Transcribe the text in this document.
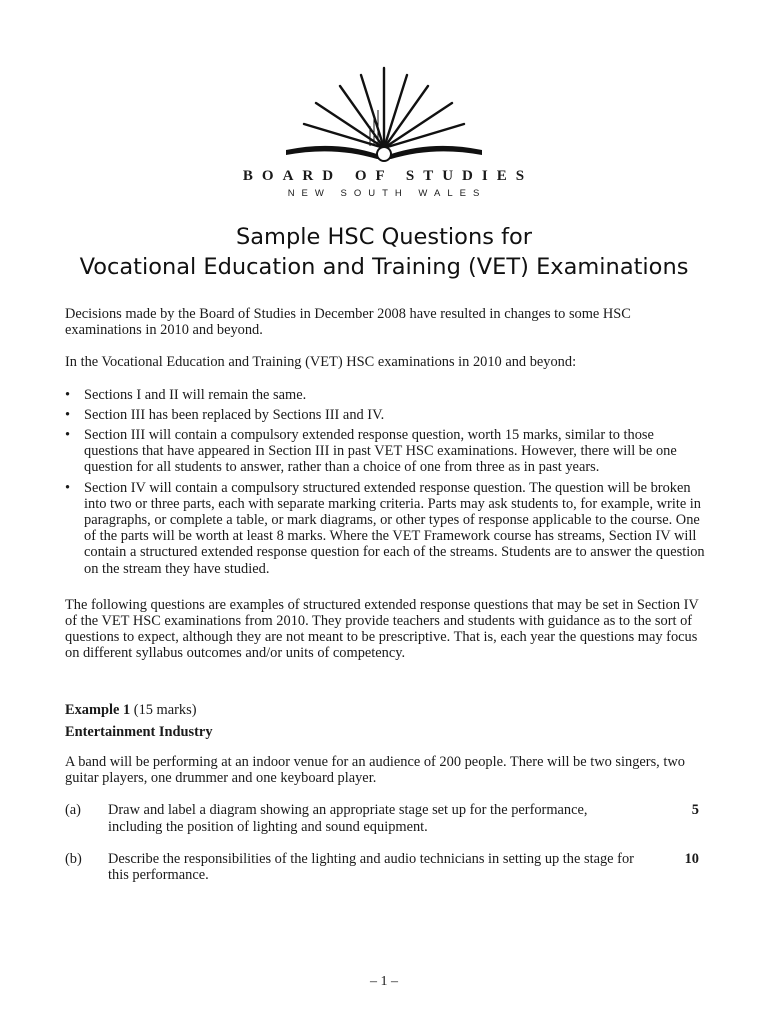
BOARD OF STUDIES
NEW SOUTH WALES
Sample HSC Questions for
Vocational Education and Training (VET) Examinations

Decisions made by the Board of Studies in December 2008 have resulted in changes to some HSC examinations in 2010 and beyond.

In the Vocational Education and Training (VET) HSC examinations in 2010 and beyond:

• Sections I and II will remain the same.
• Section III has been replaced by Sections III and IV.
• Section III will contain a compulsory extended response question, worth 15 marks, similar to those questions that have appeared in Section III in past VET HSC examinations. However, there will be one question for all students to answer, rather than a choice of one from three as in past years.
• Section IV will contain a compulsory structured extended response question. The question will be broken into two or three parts, each with separate marking criteria. Parts may ask students to, for example, write in paragraphs, or complete a table, or mark diagrams, or other types of response applicable to the course. One of the parts will be worth at least 8 marks. Where the VET Framework course has streams, Section IV will contain a structured extended response question for each of the streams. Students are to answer the question on the stream they have studied.

The following questions are examples of structured extended response questions that may be set in Section IV of the VET HSC examinations from 2010. They provide teachers and students with guidance as to the sort of questions to expect, although they are not meant to be prescriptive. That is, each year the questions may focus on different syllabus outcomes and/or units of competency.

Example 1 (15 marks)

Entertainment Industry

A band will be performing at an indoor venue for an audience of 200 people. There will be two singers, two guitar players, one drummer and one keyboard player.

(a) Draw and label a diagram showing an appropriate stage set up for the performance, including the position of lighting and sound equipment.
5
(b) Describe the responsibilities of the lighting and audio technicians in setting up the stage for this performance.
10
– 1 –
